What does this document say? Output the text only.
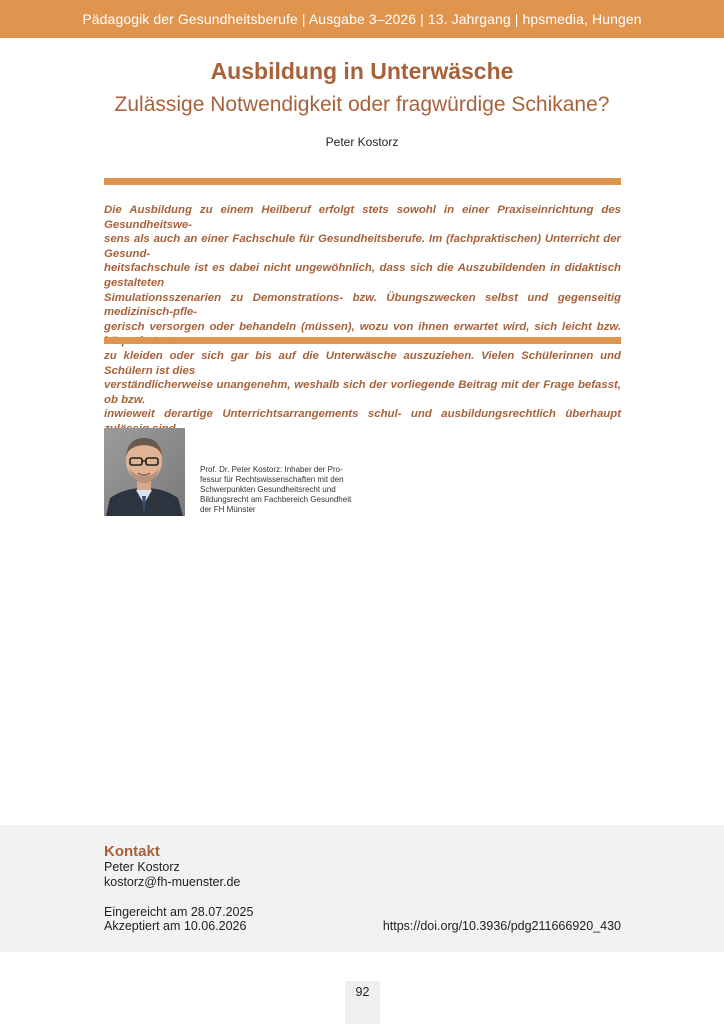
Pädagogik der Gesundheitsberufe | Ausgabe 3–2026 | 13. Jahrgang | hpsmedia, Hungen
Ausbildung in Unterwäsche
Zulässige Notwendigkeit oder fragwürdige Schikane?
Peter Kostorz
Die Ausbildung zu einem Heilberuf erfolgt stets sowohl in einer Praxiseinrichtung des Gesundheitswe-
sens als auch an einer Fachschule für Gesundheitsberufe. Im (fachpraktischen) Unterricht der Gesund-
heitsfachschule ist es dabei nicht ungewöhnlich, dass sich die Auszubildenden in didaktisch gestalteten
Simulationsszenarien zu Demonstrations- bzw. Übungszwecken selbst und gegenseitig medizinisch-pfle-
gerisch versorgen oder behandeln (müssen), wozu von ihnen erwartet wird, sich leicht bzw.
zu kleiden oder sich gar bis auf die Unterwäsche auszuziehen. Vielen Schülerinnen und Schülern ist dies
verständlicherweise unangenehm, weshalb sich der vorliegende Beitrag mit der Frage befasst, ob bzw.
inwieweit derartige Unterrichtsarrangements schul- und ausbildungsrechtlich überhaupt
Prof. Dr. Peter Kostorz: Inhaber der Pro-
fessur für Rechtswissenschaften mit den
Schwerpunkten Gesundheitsrecht und
Bildungsrecht am Fachbereich Gesundheit
der FH Münster
Kontakt
Peter Kostorz
kostorz@fh-muenster.de
Eingereicht am 28.07.2025
Akzeptiert am 10.06.2026	https://doi.org/10.3936/pdg211666920_430
92
